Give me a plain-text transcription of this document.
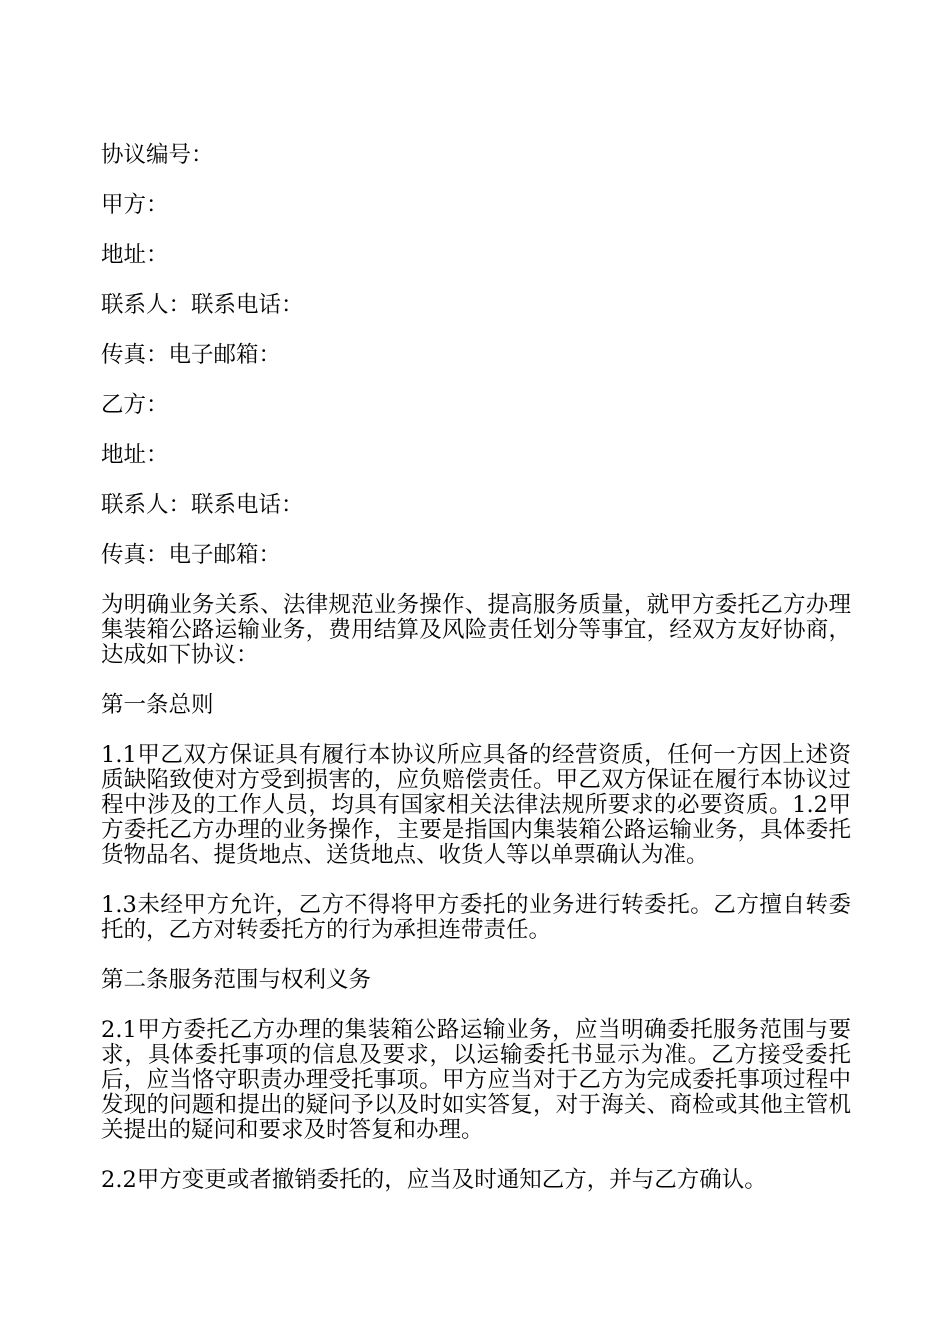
协议编号：
甲方：
地址：
联系人：联系电话：
传真：电子邮箱：
乙方：
地址：
联系人：联系电话：
传真：电子邮箱：
为明确业务关系、法律规范业务操作、提高服务质量，就甲方委托乙方办理集装箱公路运输业务，费用结算及风险责任划分等事宜，经双方友好协商，达成如下协议：
第一条总则
1.1甲乙双方保证具有履行本协议所应具备的经营资质，任何一方因上述资质缺陷致使对方受到损害的，应负赔偿责任。甲乙双方保证在履行本协议过程中涉及的工作人员，均具有国家相关法律法规所要求的必要资质。1.2甲方委托乙方办理的业务操作，主要是指国内集装箱公路运输业务，具体委托货物品名、提货地点、送货地点、收货人等以单票确认为准。
1.3未经甲方允许，乙方不得将甲方委托的业务进行转委托。乙方擅自转委托的，乙方对转委托方的行为承担连带责任。
第二条服务范围与权利义务
2.1甲方委托乙方办理的集装箱公路运输业务，应当明确委托服务范围与要求，具体委托事项的信息及要求，以运输委托书显示为准。乙方接受委托后，应当恪守职责办理受托事项。甲方应当对于乙方为完成委托事项过程中发现的问题和提出的疑问予以及时如实答复，对于海关、商检或其他主管机关提出的疑问和要求及时答复和办理。
2.2甲方变更或者撤销委托的，应当及时通知乙方，并与乙方确认。
